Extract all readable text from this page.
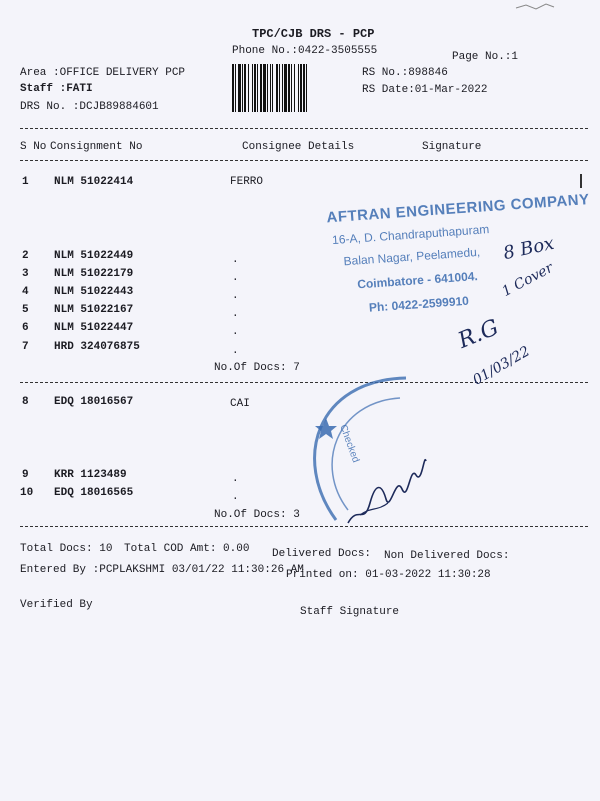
TPC/CJB DRS - PCP
Phone No.:0422-3505555	Page No.:1
Area :OFFICE DELIVERY PCP
Staff :FATI
DRS No. :DCJB89884601
RS No.:898846
RS Date:01-Mar-2022
S No Consignment No	Consignee Details	Signature
1 NLM 51022414	FERRO
2 NLM 51022449	.
3 NLM 51022179	.
4 NLM 51022443	.
5 NLM 51022167	.
6 NLM 51022447	.
7 HRD 324076875	.
No.Of Docs: 7
8 EDQ 18016567	CAI
9 KRR 1123489	.
10 EDQ 18016565	.
No.Of Docs: 3
Total Docs: 10 Total COD Amt: 0.00 Delivered Docs: Non Delivered Docs:
Entered By :PCPLAKSHMI 03/01/22 11:30:26 AM
Printed on: 01-03-2022 11:30:28
Verified By
Staff Signature
AFTRAN ENGINEERING COMPANY
16-A, D. Chandraputhapuram
Balan Nagar, Peelamedu,
Coimbatore - 641004.
Ph: 0422-2599910
Checked
8 Box
1 Cover
R.G
01/03/22
